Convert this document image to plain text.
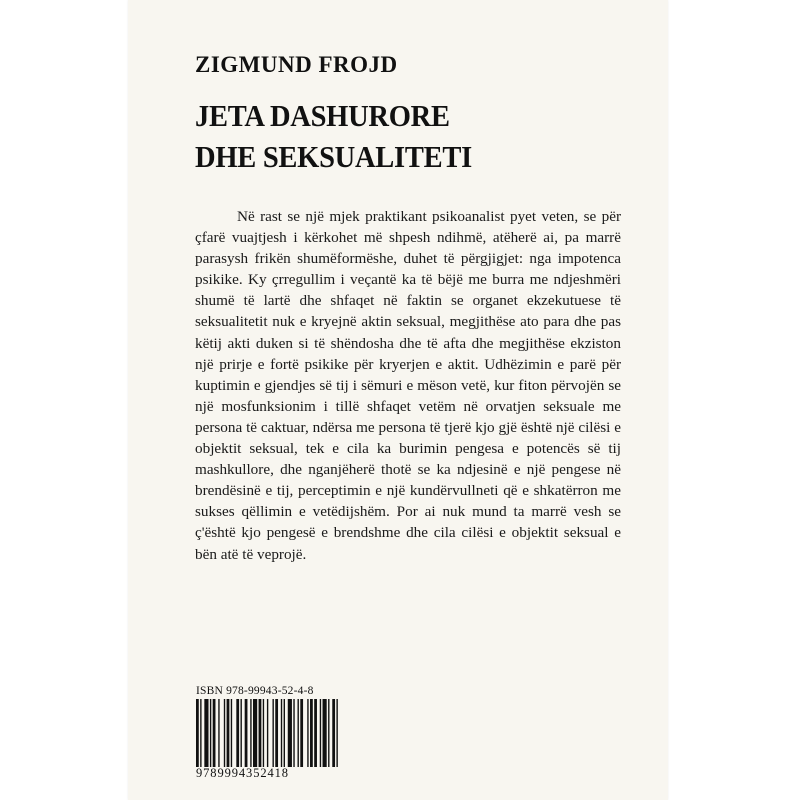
ZIGMUND FROJD
JETA DASHURORE
DHE SEKSUALITETI

Në rast se një mjek praktikant psikoanalist pyet veten, se për çfarë vuajtjesh i kërkohet më shpesh ndihmë, atëherë ai, pa marrë parasysh frikën shumëformëshe, duhet të përgjigjet: nga impotenca psikike. Ky çrregullim i veçantë ka të bëjë me burra me ndjeshmëri shumë të lartë dhe shfaqet në faktin se organet ekzekutuese të seksualitetit nuk e kryejnë aktin seksual, megjithëse ato para dhe pas këtij akti duken si të shëndosha dhe të afta dhe megjithëse ekziston një prirje e fortë psikike për kryerjen e aktit. Udhëzimin e parë për kuptimin e gjendjes së tij i sëmuri e mëson vetë, kur fiton përvojën se një mosfunksionim i tillë shfaqet vetëm në orvatjen seksuale me persona të caktuar, ndërsa me persona të tjerë kjo gjë është një cilësi e objektit seksual, tek e cila ka burimin pengesa e potencës së tij mashkullore, dhe nganjëherë thotë se ka ndjesinë e një pengese në brendësinë e tij, perceptimin e një kundërvullneti që e shkatërron me sukses qëllimin e vetëdijshëm. Por ai nuk mund ta marrë vesh se ç'është kjo pengesë e brendshme dhe cila cilësi e objektit seksual e bën atë të veprojë.

ISBN 978-99943-52-4-8
9789994352418
